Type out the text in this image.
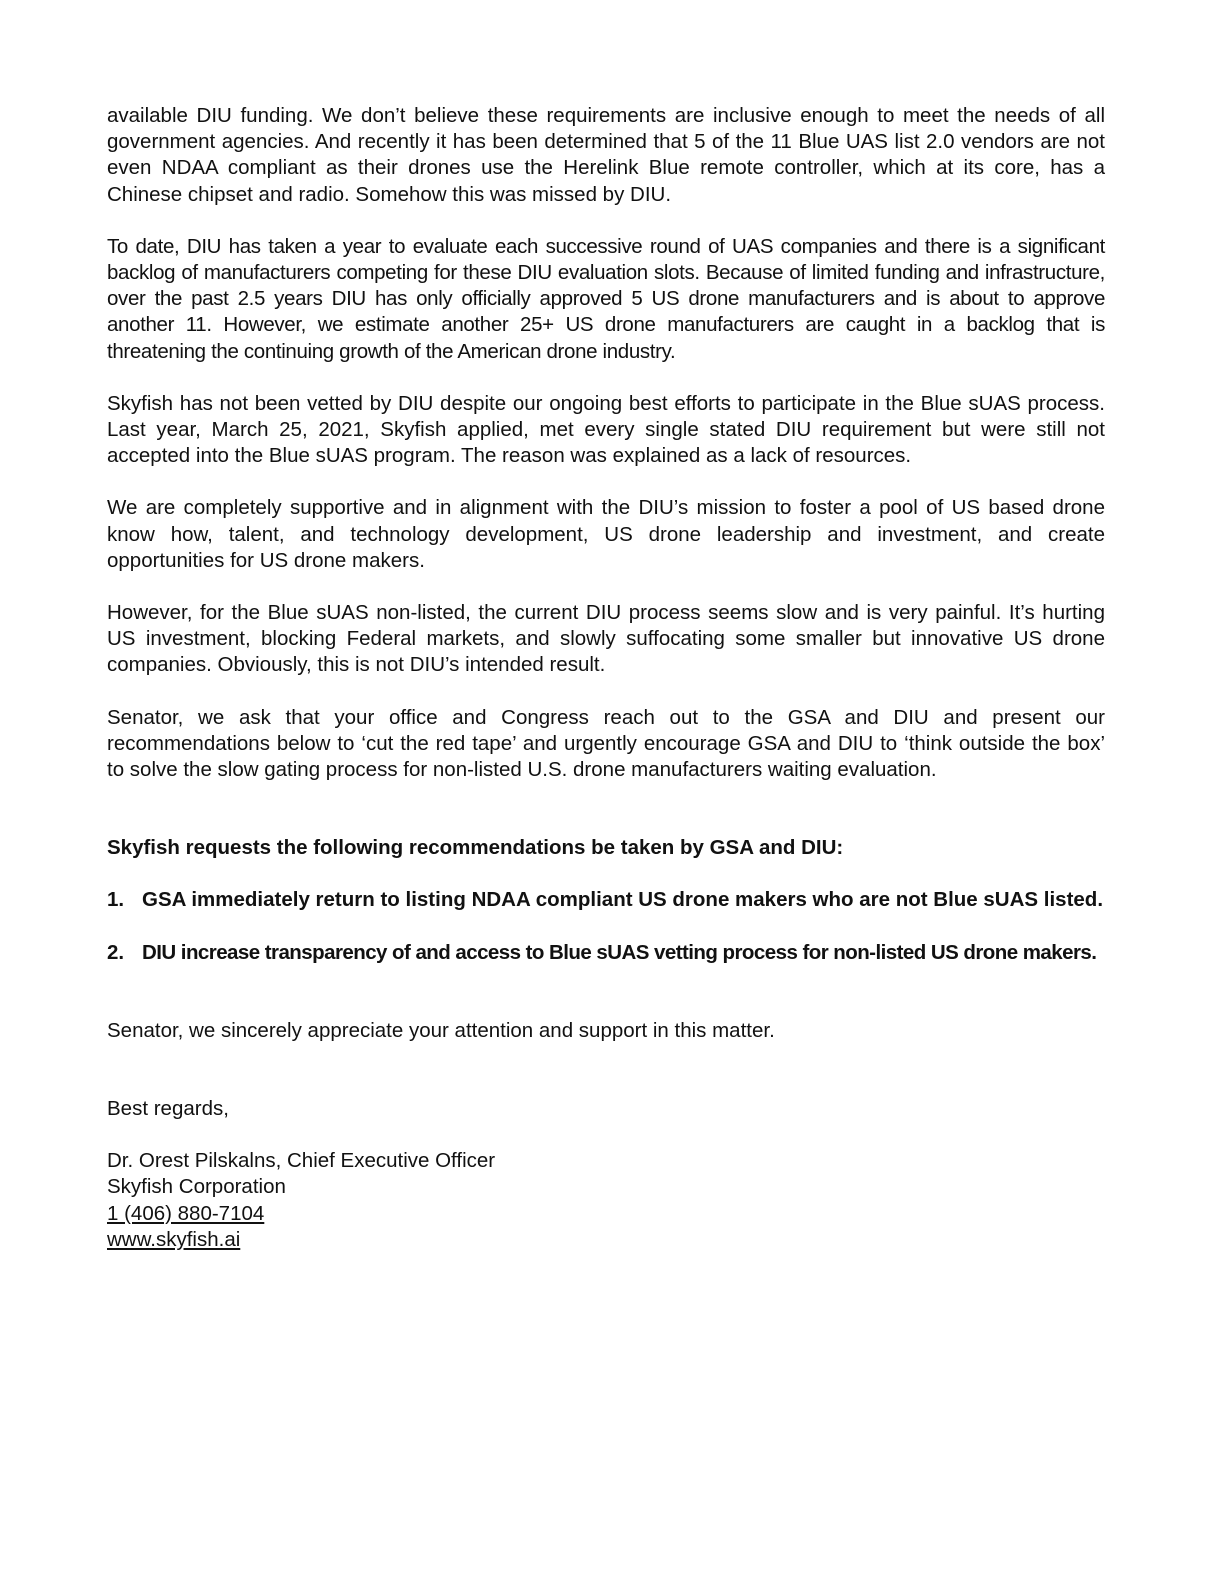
available DIU funding. We don’t believe these requirements are inclusive enough to meet the needs of all government agencies. And recently it has been determined that 5 of the 11 Blue UAS list 2.0 vendors are not even NDAA compliant as their drones use the Herelink Blue remote controller, which at its core, has a Chinese chipset and radio. Somehow this was missed by DIU.

To date, DIU has taken a year to evaluate each successive round of UAS companies and there is a significant backlog of manufacturers competing for these DIU evaluation slots. Because of limited funding and infrastructure, over the past 2.5 years DIU has only officially approved 5 US drone manufacturers and is about to approve another 11. However, we estimate another 25+ US drone manufacturers are caught in a backlog that is threatening the continuing growth of the American drone industry.

Skyfish has not been vetted by DIU despite our ongoing best efforts to participate in the Blue sUAS process. Last year, March 25, 2021, Skyfish applied, met every single stated DIU requirement but were still not accepted into the Blue sUAS program. The reason was explained as a lack of resources.

We are completely supportive and in alignment with the DIU’s mission to foster a pool of US based drone know how, talent, and technology development, US drone leadership and investment, and create opportunities for US drone makers.

However, for the Blue sUAS non-listed, the current DIU process seems slow and is very painful. It’s hurting US investment, blocking Federal markets, and slowly suffocating some smaller but innovative US drone companies. Obviously, this is not DIU’s intended result.

Senator, we ask that your office and Congress reach out to the GSA and DIU and present our recommendations below to ‘cut the red tape’ and urgently encourage GSA and DIU to ‘think outside the box’ to solve the slow gating process for non-listed U.S. drone manufacturers waiting evaluation.

Skyfish requests the following recommendations be taken by GSA and DIU:

1. GSA immediately return to listing NDAA compliant US drone makers who are not Blue sUAS listed.
2. DIU increase transparency of and access to Blue sUAS vetting process for non-listed US drone makers.

Senator, we sincerely appreciate your attention and support in this matter.

Best regards,

Dr. Orest Pilskalns, Chief Executive Officer

Skyfish Corporation

1 (406) 880-7104

www.skyfish.ai
